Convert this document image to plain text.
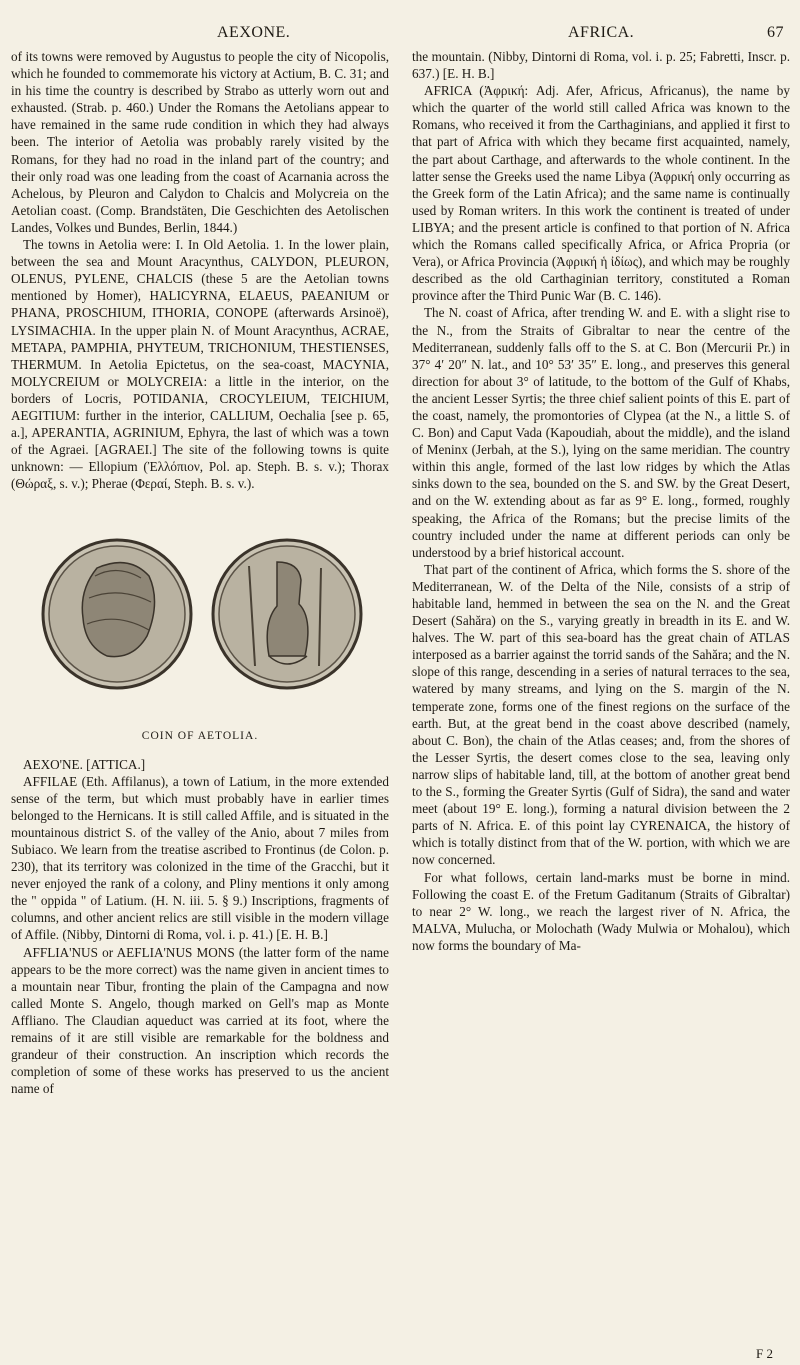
AEXONE.	AFRICA.	67

of its towns were removed by Augustus to people the city of Nicopolis, which he founded to commemorate his victory at Actium, B. C. 31; and in his time the country is described by Strabo as utterly worn out and exhausted. (Strab. p. 460.) Under the Romans the Aetolians appear to have remained in the same rude condition in which they had always been. The interior of Aetolia was probably rarely visited by the Romans, for they had no road in the inland part of the country; and their only road was one leading from the coast of Acarnania across the Achelous, by Pleuron and Calydon to Chalcis and Molycreia on the Aetolian coast. (Comp. Brandstäten, Die Geschichten des Aetolischen Landes, Volkes und Bundes, Berlin, 1844.)

The towns in Aetolia were: I. In Old Aetolia. 1. In the lower plain, between the sea and Mount Aracynthus, CALYDON, PLEURON, OLENUS, PYLENE, CHALCIS (these 5 are the Aetolian towns mentioned by Homer), HALICYRNA, ELAEUS, PAEANIUM or PHANA, PROSCHIUM, ITHORIA, CONOPE (afterwards Arsinoë), LYSIMACHIA. In the upper plain N. of Mount Aracynthus, ACRAE, METAPA, PAMPHIA, PHYTEUM, TRICHONIUM, THESTIENSES, THERMUM. In Aetolia Epictetus, on the sea-coast, MACYNIA, MOLYCREIUM or MOLYCREIA: a little in the interior, on the borders of Locris, POTIDANIA, CROCYLEIUM, TEICHIUM, AEGITIUM: further in the interior, CALLIUM, Oechalia [see p. 65, a.], APERANTIA, AGRINIUM, Ephyra, the last of which was a town of the Agraei. [AGRAEI.] The site of the following towns is quite unknown: — Ellopium (Ἐλλόπιον, Pol. ap. Steph. B. s. v.); Thorax (Θώραξ, s. v.); Pherae (Φεραί, Steph. B. s. v.).

COIN OF AETOLIA.

AEXO'NE. [ATTICA.]

AFFILAE (Eth. Affilanus), a town of Latium, in the more extended sense of the term, but which must probably have in earlier times belonged to the Hernicans. It is still called Affile, and is situated in the mountainous district S. of the valley of the Anio, about 7 miles from Subiaco. We learn from the treatise ascribed to Frontinus (de Colon. p. 230), that its territory was colonized in the time of the Gracchi, but it never enjoyed the rank of a colony, and Pliny mentions it only among the " oppida " of Latium. (H. N. iii. 5. § 9.) Inscriptions, fragments of columns, and other ancient relics are still visible in the modern village of Affile. (Nibby, Dintorni di Roma, vol. i. p. 41.) [E. H. B.]

AFFLIA'NUS or AEFLIA'NUS MONS (the latter form of the name appears to be the more correct) was the name given in ancient times to a mountain near Tibur, fronting the plain of the Campagna and now called Monte S. Angelo, though marked on Gell's map as Monte Affliano. The Claudian aqueduct was carried at its foot, where the remains of it are still visible are remarkable for the boldness and grandeur of their construction. An inscription which records the completion of some of these works has preserved to us the ancient name of

the mountain. (Nibby, Dintorni di Roma, vol. i. p. 25; Fabretti, Inscr. p. 637.) [E. H. B.]

AFRICA (Ἀφρική: Adj. Afer, Africus, Africanus), the name by which the quarter of the world still called Africa was known to the Romans, who received it from the Carthaginians, and applied it first to that part of Africa with which they became first acquainted, namely, the part about Carthage, and afterwards to the whole continent. In the latter sense the Greeks used the name Libya (Ἀφρική only occurring as the Greek form of the Latin Africa); and the same name is continually used by Roman writers. In this work the continent is treated of under LIBYA; and the present article is confined to that portion of N. Africa which the Romans called specifically Africa, or Africa Propria (or Vera), or Africa Provincia (Ἀφρική ἡ ἰδίως), and which may be roughly described as the old Carthaginian territory, constituted a Roman province after the Third Punic War (B. C. 146).

The N. coast of Africa, after trending W. and E. with a slight rise to the N., from the Straits of Gibraltar to near the centre of the Mediterranean, suddenly falls off to the S. at C. Bon (Mercurii Pr.) in 37° 4′ 20″ N. lat., and 10° 53′ 35″ E. long., and preserves this general direction for about 3° of latitude, to the bottom of the Gulf of Khabs, the ancient Lesser Syrtis; the three chief salient points of this E. part of the coast, namely, the promontories of Clypea (at the N., a little S. of C. Bon) and Caput Vada (Kapoudiah, about the middle), and the island of Meninx (Jerbah, at the S.), lying on the same meridian. The country within this angle, formed of the last low ridges by which the Atlas sinks down to the sea, bounded on the S. and SW. by the Great Desert, and on the W. extending about as far as 9° E. long., formed, roughly speaking, the Africa of the Romans; but the precise limits of the country included under the name at different periods can only be understood by a brief historical account.

That part of the continent of Africa, which forms the S. shore of the Mediterranean, W. of the Delta of the Nile, consists of a strip of habitable land, hemmed in between the sea on the N. and the Great Desert (Sahăra) on the S., varying greatly in breadth in its E. and W. halves. The W. part of this sea-board has the great chain of ATLAS interposed as a barrier against the torrid sands of the Sahăra; and the N. slope of this range, descending in a series of natural terraces to the sea, watered by many streams, and lying on the S. margin of the N. temperate zone, forms one of the finest regions on the surface of the earth. But, at the great bend in the coast above described (namely, about C. Bon), the chain of the Atlas ceases; and, from the shores of the Lesser Syrtis, the desert comes close to the sea, leaving only narrow slips of habitable land, till, at the bottom of another great bend to the S., forming the Greater Syrtis (Gulf of Sidra), the sand and water meet (about 19° E. long.), forming a natural division between the 2 parts of N. Africa. E. of this point lay CYRENAICA, the history of which is totally distinct from that of the W. portion, with which we are now concerned.

For what follows, certain land-marks must be borne in mind. Following the coast E. of the Fretum Gaditanum (Straits of Gibraltar) to near 2° W. long., we reach the largest river of N. Africa, the MALVA, Mulucha, or Molochath (Wady Mulwia or Mohalou), which now forms the boundary of Ma-

F 2
